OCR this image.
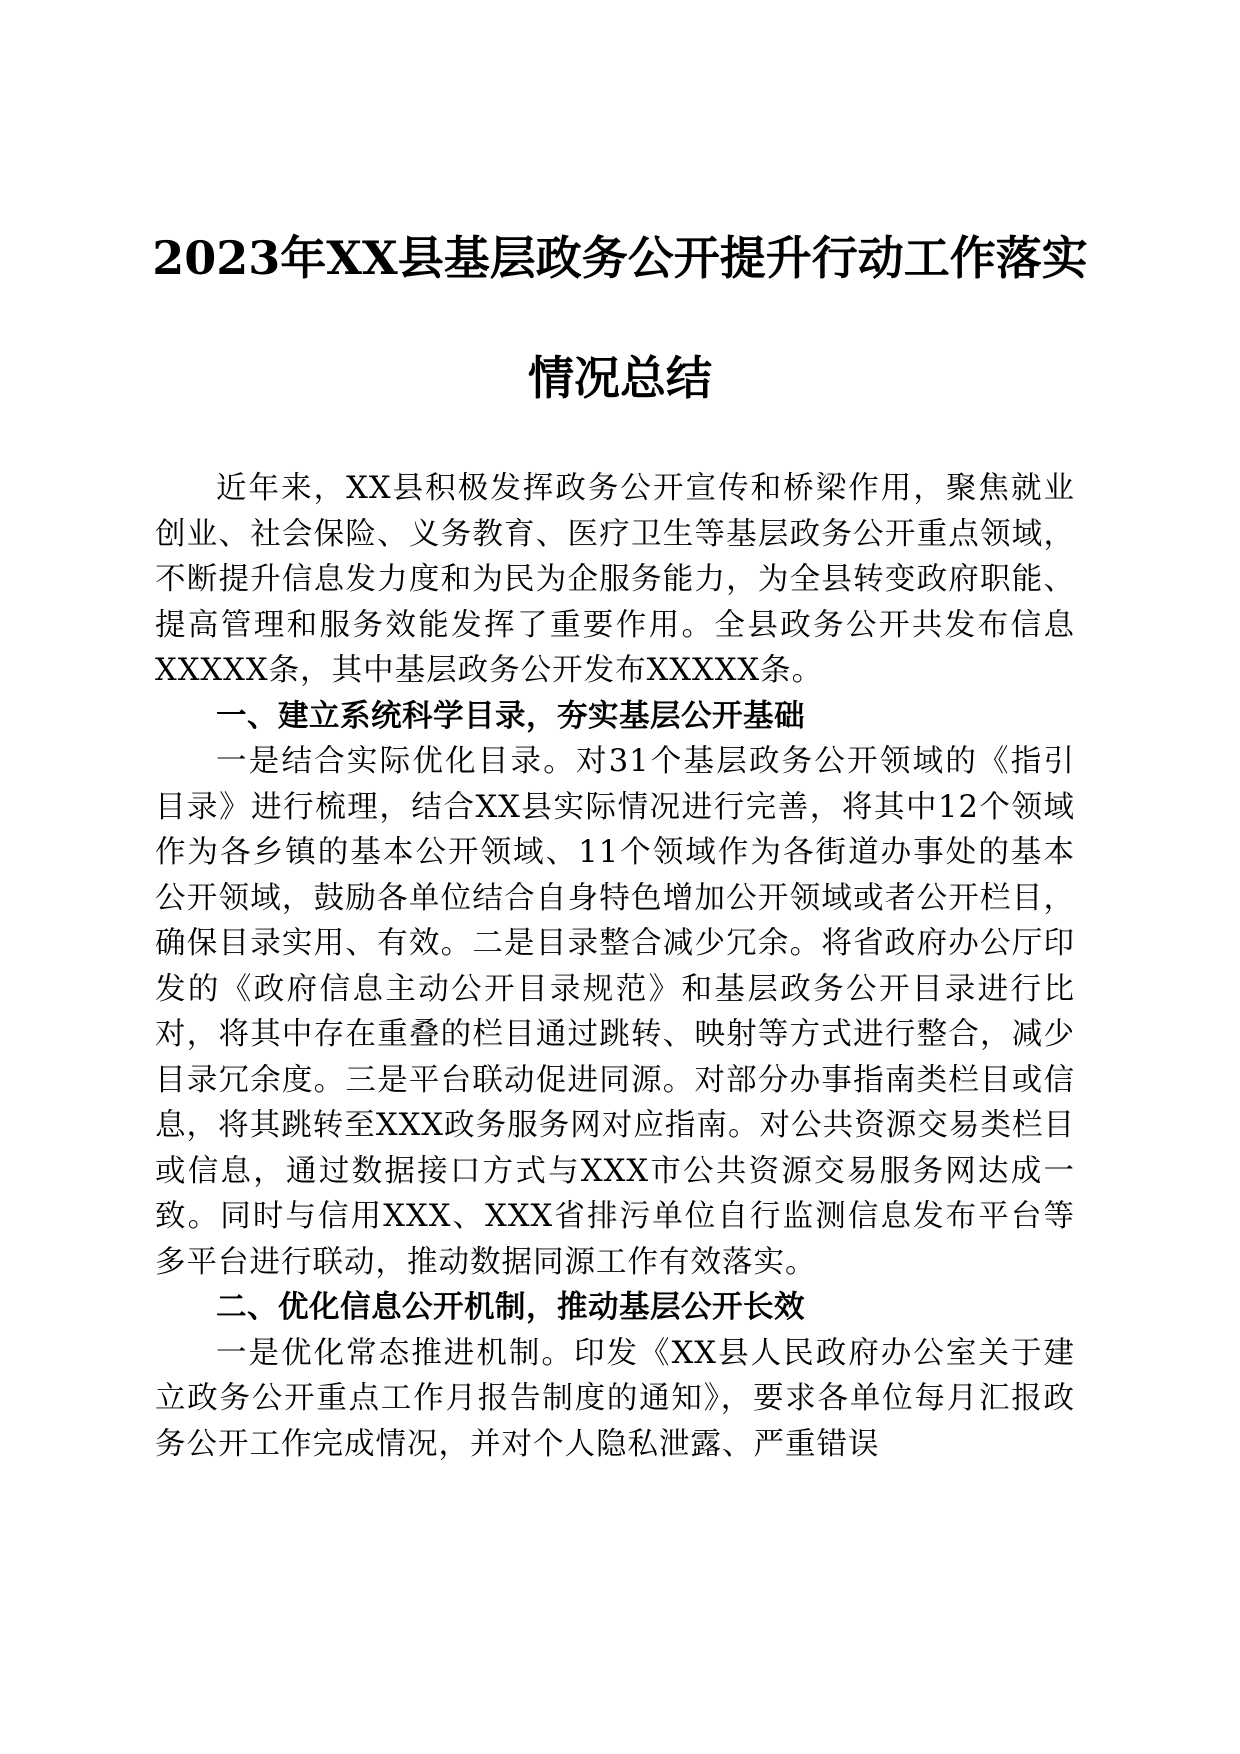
2023年XX县基层政务公开提升行动工作落实
情况总结

近年来，XX县积极发挥政务公开宣传和桥梁作用，聚焦就业创业、社会保险、义务教育、医疗卫生等基层政务公开重点领域，不断提升信息发力度和为民为企服务能力，为全县转变政府职能、提高管理和服务效能发挥了重要作用。全县政务公开共发布信息XXXXX条，其中基层政务公开发布XXXXX条。

一、建立系统科学目录，夯实基层公开基础

一是结合实际优化目录。对31个基层政务公开领域的《指引目录》进行梳理，结合XX县实际情况进行完善，将其中12个领域作为各乡镇的基本公开领域、11个领域作为各街道办事处的基本公开领域，鼓励各单位结合自身特色增加公开领域或者公开栏目，确保目录实用、有效。二是目录整合减少冗余。将省政府办公厅印发的《政府信息主动公开目录规范》和基层政务公开目录进行比对，将其中存在重叠的栏目通过跳转、映射等方式进行整合，减少目录冗余度。三是平台联动促进同源。对部分办事指南类栏目或信息，将其跳转至XXX政务服务网对应指南。对公共资源交易类栏目或信息，通过数据接口方式与XXX市公共资源交易服务网达成一致。同时与信用XXX、XXX省排污单位自行监测信息发布平台等多平台进行联动，推动数据同源工作有效落实。

二、优化信息公开机制，推动基层公开长效

一是优化常态推进机制。印发《XX县人民政府办公室关于建立政务公开重点工作月报告制度的通知》，要求各单位每月汇报政务公开工作完成情况，并对个人隐私泄露、严重错误
